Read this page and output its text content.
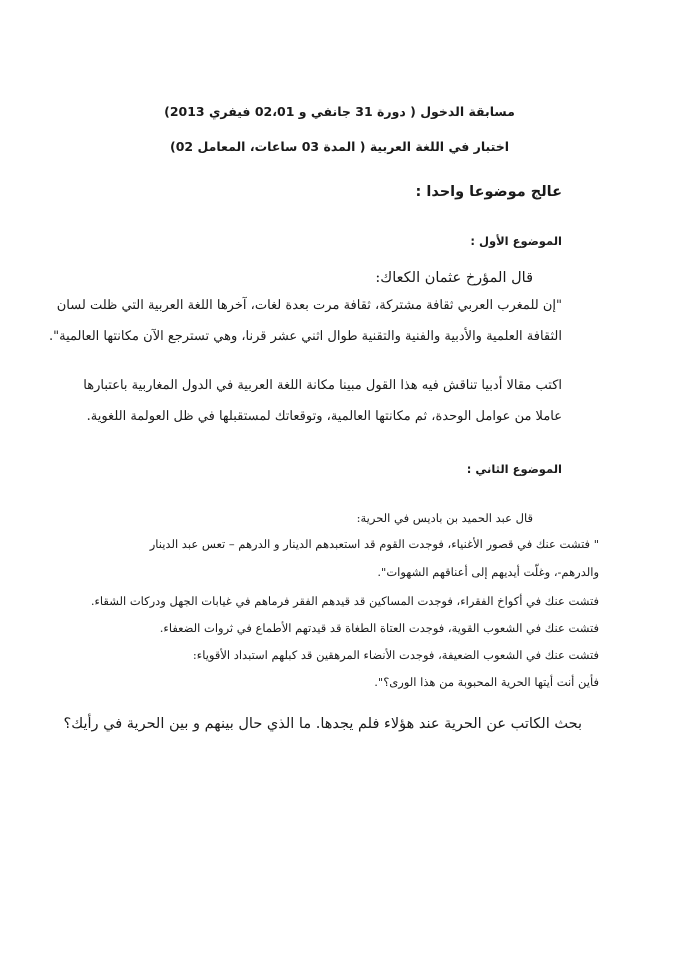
مسابقة الدخول ( دورة 31 جانفي و 02،01 فيفري 2013)
اختبار في اللغة العربية ( المدة 03 ساعات، المعامل 02)
عالج موضوعا واحدا :
الموضوع الأول :
قال المؤرخ عثمان الكعاك:
"إن للمغرب العربي ثقافة مشتركة، ثقافة مرت بعدة لغات، آخرها اللغة العربية التي ظلت لسان
الثقافة العلمية والأدبية والفنية والتقنية طوال اثني عشر قرنا، وهي تسترجع الآن مكانتها العالمية".
اكتب مقالا أدبيا تناقش فيه هذا القول مبينا مكانة اللغة العربية في الدول المغاربية باعتبارها
عاملا من عوامل الوحدة، ثم مكانتها العالمية، وتوقعاتك لمستقبلها في ظل العولمة اللغوية.
الموضوع الثاني :
قال عبد الحميد بن باديس في الحرية:
" فتشت عنك في قصور الأغنياء، فوجدت القوم قد استعبدهم الدينار و الدرهم – تعس عبد الدينار
والدرهم-، وغلّت أيديهم إلى أعناقهم الشهوات".
فتشت عنك في أكواخ الفقراء، فوجدت المساكين قد قيدهم الفقر فرماهم في غيابات الجهل ودركات الشقاء.
فتشت عنك في الشعوب القوية، فوجدت العتاة الطغاة قد قيدتهم الأطماع في ثروات الضعفاء.
فتشت عنك في الشعوب الضعيفة، فوجدت الأنضاء المرهقين قد كبلهم استبداد الأقوياء:
فأين أنت أيتها الحرية المحبوبة من هذا الورى؟".
بحث الكاتب عن الحرية عند هؤلاء فلم يجدها. ما الذي حال بينهم و بين الحرية في رأيك؟
